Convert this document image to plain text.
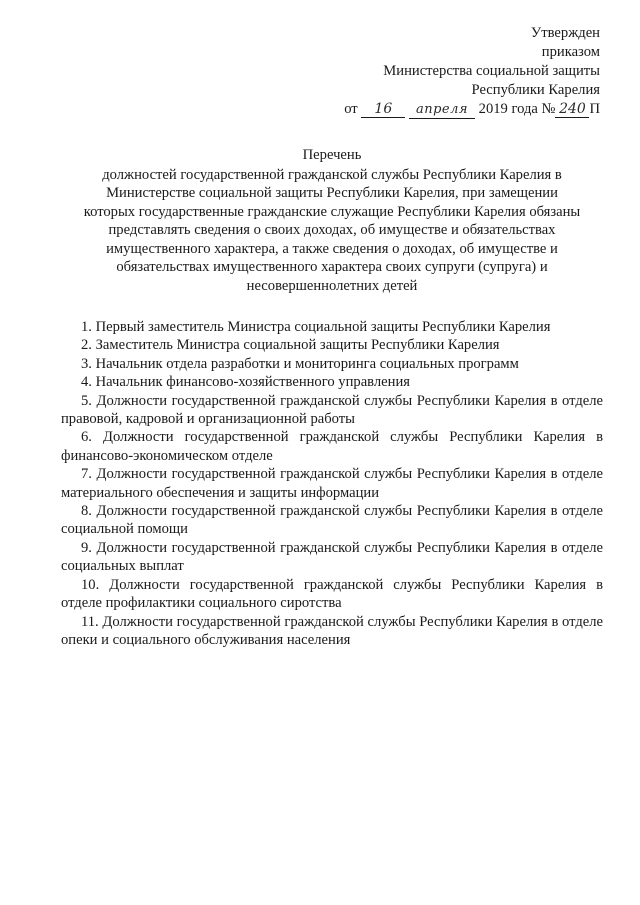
Утвержден
приказом
Министерства социальной защиты
Республики Карелия
от 16 апреля 2019 года № 240 П
Перечень
должностей государственной гражданской службы Республики Карелия в
Министерстве социальной защиты Республики Карелия, при замещении
которых государственные гражданские служащие Республики Карелия обязаны
представлять сведения о своих доходах, об имуществе и обязательствах
имущественного характера, а также сведения о доходах, об имуществе и
обязательствах имущественного характера своих супруги (супруга) и
несовершеннолетних детей

1. Первый заместитель Министра социальной защиты Республики Карелия

2. Заместитель Министра социальной защиты Республики Карелия

3. Начальник отдела разработки и мониторинга социальных программ

4. Начальник финансово-хозяйственного управления

5. Должности государственной гражданской службы Республики Карелия в отделе правовой, кадровой и организационной работы

6. Должности государственной гражданской службы Республики Карелия в финансово-экономическом отделе

7. Должности государственной гражданской службы Республики Карелия в отделе материального обеспечения и защиты информации

8. Должности государственной гражданской службы Республики Карелия в отделе социальной помощи

9. Должности государственной гражданской службы Республики Карелия в отделе социальных выплат

10. Должности государственной гражданской службы Республики Карелия в отделе профилактики социального сиротства

11. Должности государственной гражданской службы Республики Карелия в отделе опеки и социального обслуживания населения
